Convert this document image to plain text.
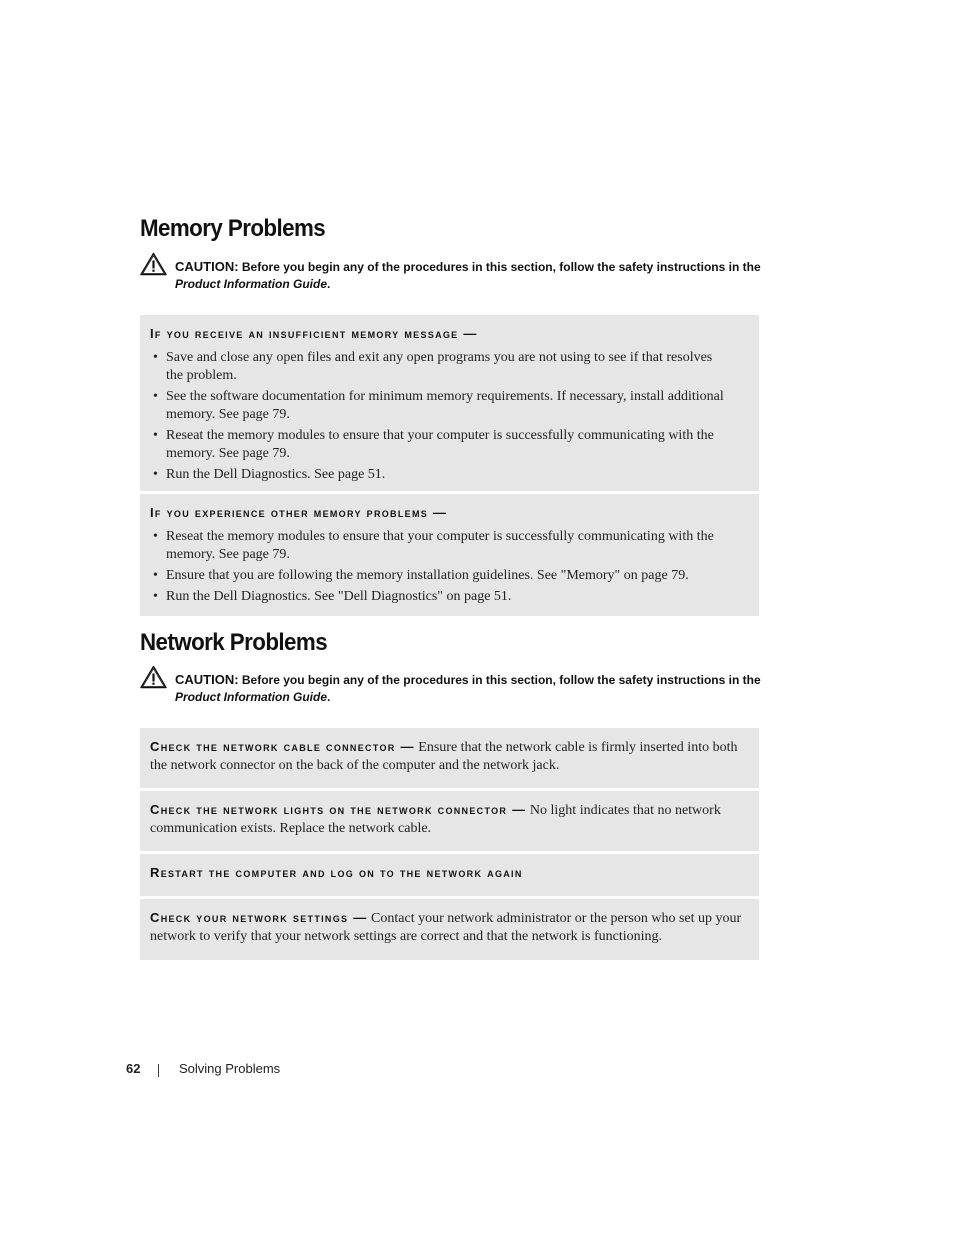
Memory Problems
CAUTION: Before you begin any of the procedures in this section, follow the safety instructions in the Product Information Guide.

If you receive an insufficient memory message —

• Save and close any open files and exit any open programs you are not using to see if that resolves the problem.
• See the software documentation for minimum memory requirements. If necessary, install additional memory. See page 79.
• Reseat the memory modules to ensure that your computer is successfully communicating with the memory. See page 79.
• Run the Dell Diagnostics. See page 51.

If you experience other memory problems —

• Reseat the memory modules to ensure that your computer is successfully communicating with the memory. See page 79.
• Ensure that you are following the memory installation guidelines. See "Memory" on page 79.
• Run the Dell Diagnostics. See "Dell Diagnostics" on page 51.
Network Problems
CAUTION: Before you begin any of the procedures in this section, follow the safety instructions in the Product Information Guide.
Check the network cable connector — Ensure that the network cable is firmly inserted into both the network connector on the back of the computer and the network jack.
Check the network lights on the network connector — No light indicates that no network communication exists. Replace the network cable.
Restart the computer and log on to the network again
Check your network settings — Contact your network administrator or the person who set up your network to verify that your network settings are correct and that the network is functioning.
62	Solving Problems
